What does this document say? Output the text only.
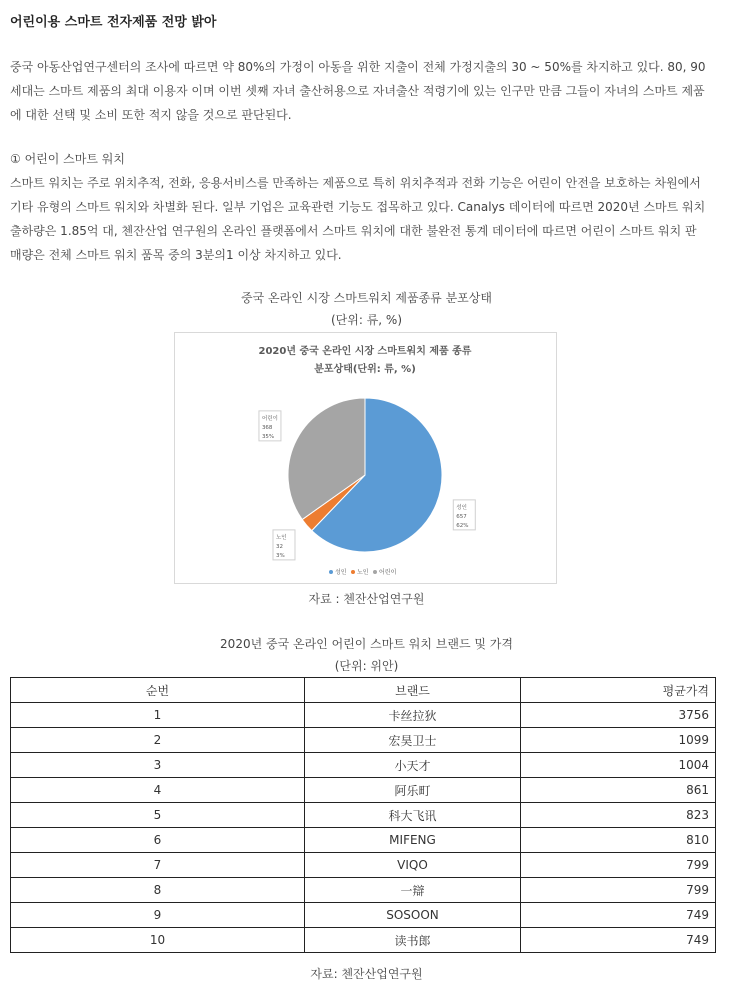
어린이용 스마트 전자제품 전망 밝아

중국 아동산업연구센터의 조사에 따르면 약 80%의 가정이 아동을 위한 지출이 전체 가정지출의 30 ~ 50%를 차지하고 있다. 80, 90

세대는 스마트 제품의 최대 이용자 이며 이번 셋째 자녀 출산허용으로 자녀출산 적령기에 있는 인구만 만큼 그들이 자녀의 스마트 제품

에 대한 선택 및 소비 또한 적지 않을 것으로 판단된다.

① 어린이 스마트 워치

스마트 워치는 주로 위치추적, 전화, 응용서비스를 만족하는 제품으로 특히 위치추적과 전화 기능은 어린이 안전을 보호하는 차원에서

기타 유형의 스마트 워치와 차별화 된다. 일부 기업은 교육관련 기능도 접목하고 있다. Canalys 데이터에 따르면 2020년 스마트 워치

출하량은 1.85억 대, 첸잔산업 연구원의 온라인 플랫폼에서 스마트 워치에 대한 불완전 통계 데이터에 따르면 어린이 스마트 워치 판

매량은 전체 스마트 워치 품목 중의 3분의1 이상 차지하고 있다.

중국 온라인 시장 스마트워치 제품종류 분포상태
(단위: 류, %)
2020년 중국 온라인 시장 스마트워치 제품 종류
분포상태(단위: 류, %)
성인
657
62%
노인
32
3%
어린이
368
35%
성인 노인 어린이
자료 : 첸잔산업연구원
2020년 중국 온라인 어린이 스마트 워치 브랜드 및 가격
(단위: 위안)
순번	브랜드	평균가격
1	卡丝拉狄	3756
2	宏昊卫士	1099
3	小天才	1004
4	阿乐町	861
5	科大飞讯	823
6	MIFENG	810
7	VIQO	799
8	一辯	799
9	SOSOON	749
10	读书郎	749
자료: 첸잔산업연구원
